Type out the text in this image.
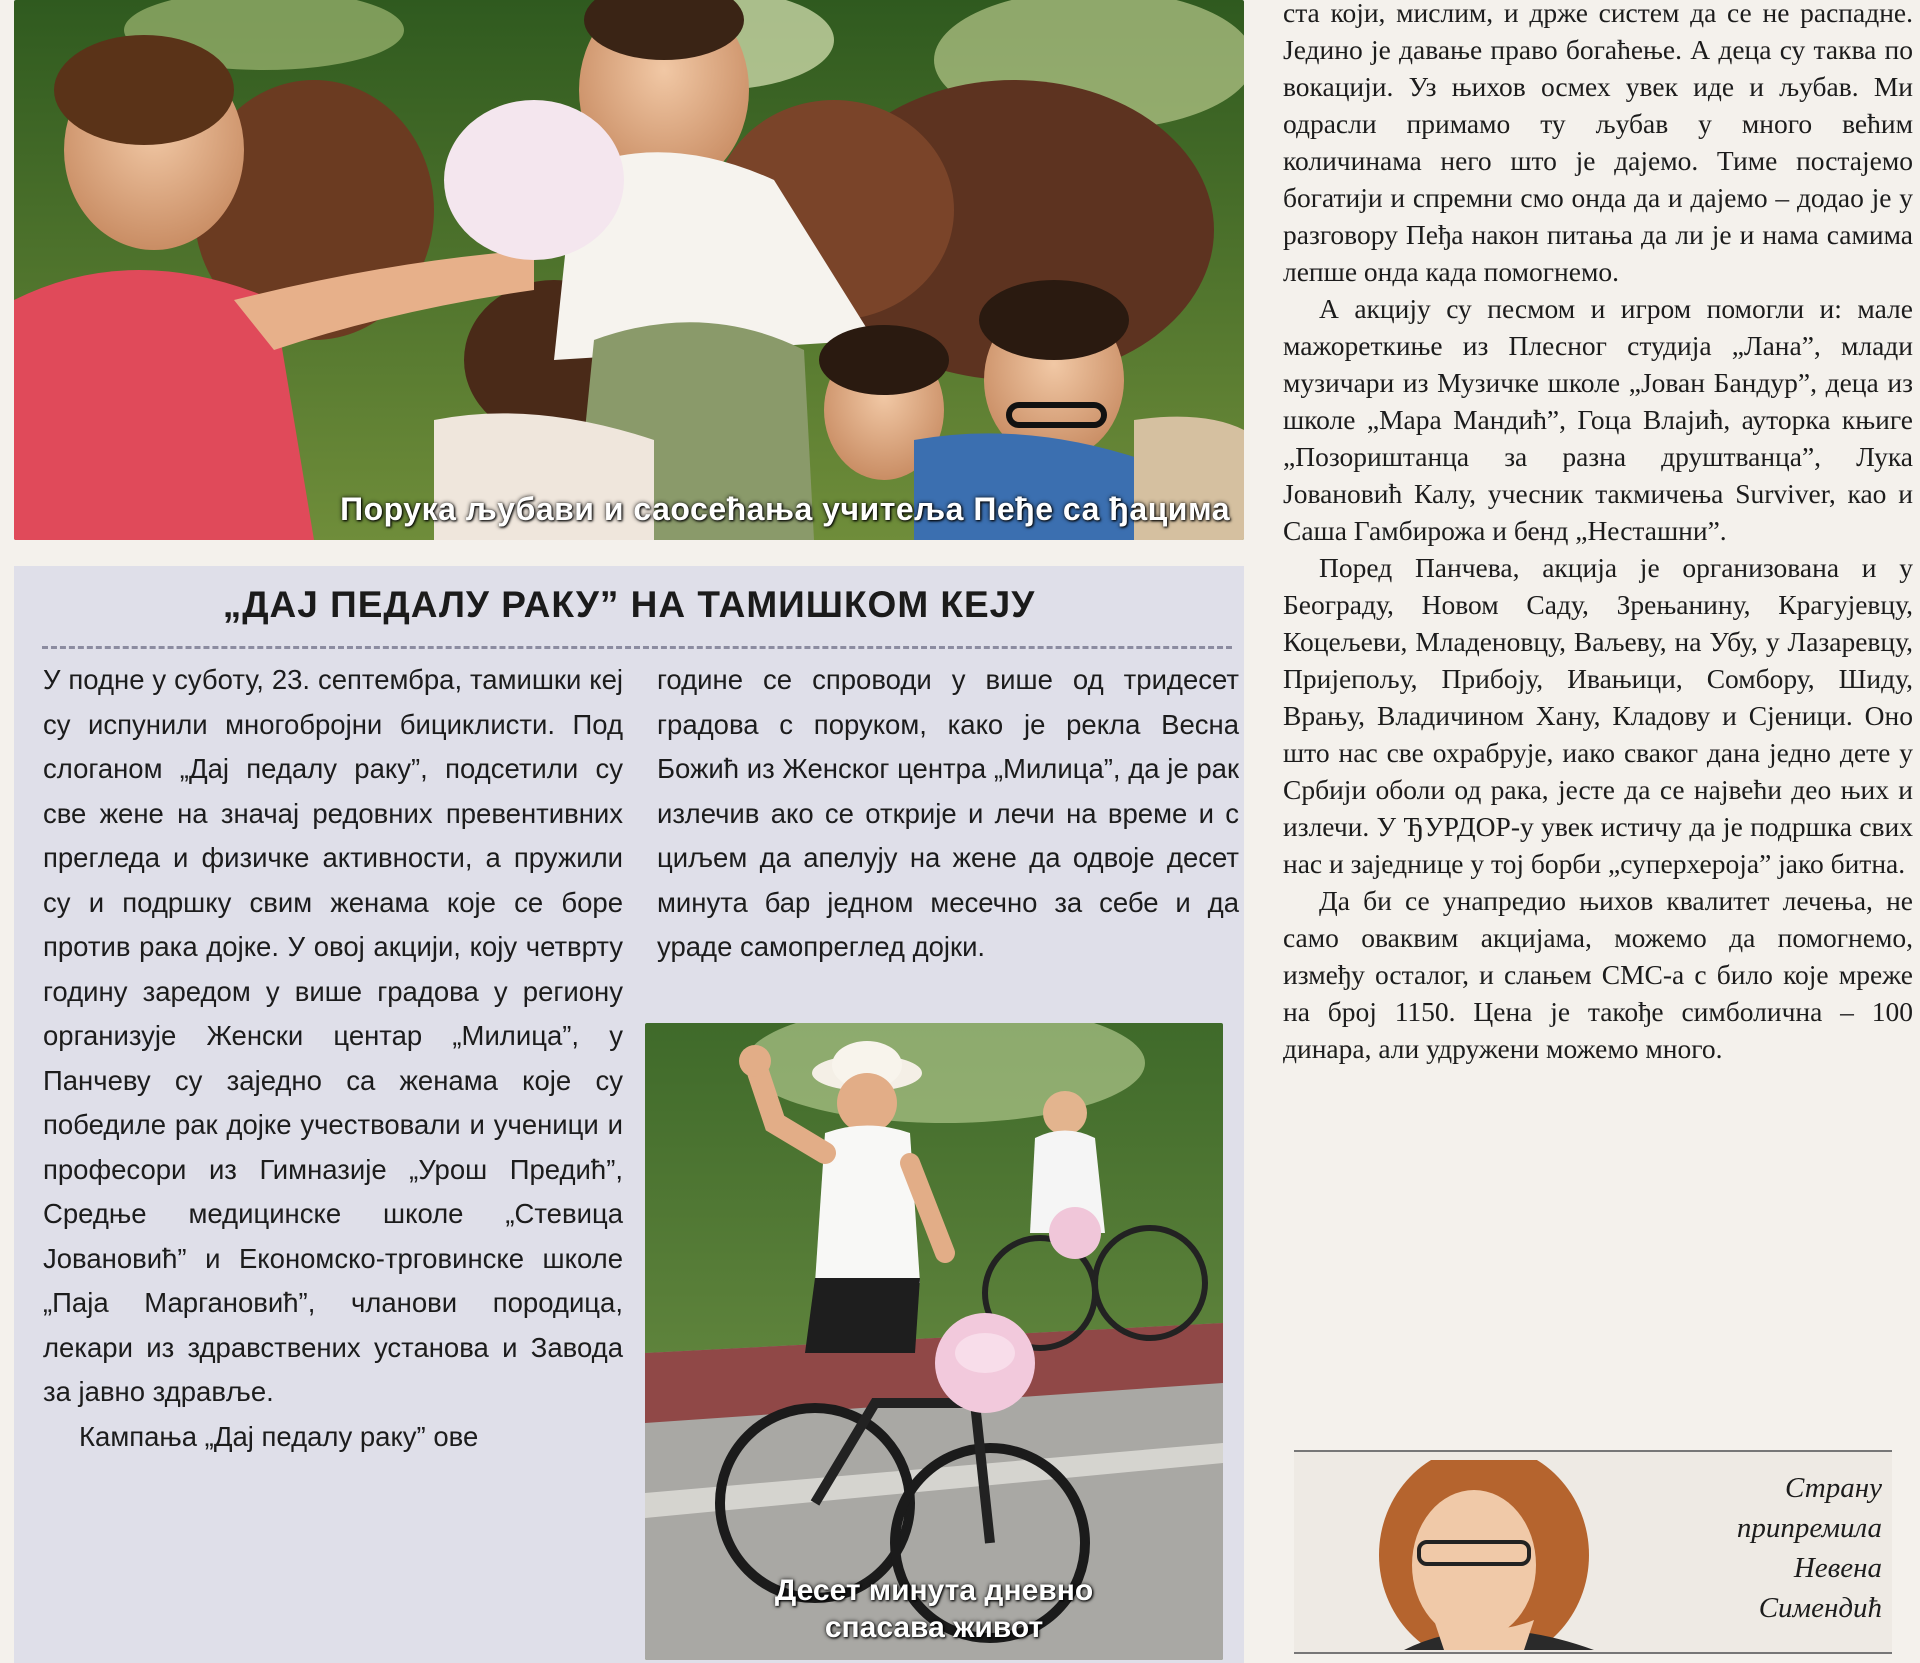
Порука љубави и саосећања учитеља Пеђе са ђацима

ста који, мислим, и држе систем да се не распадне. Једино је давање право богаћење. А деца су таква по вокацији. Уз њихов осмех увек иде и љубав. Ми одрасли примамо ту љубав у много већим количинама него што је дајемо. Тиме постајемо богатији и спремни смо онда да и дајемо – додао је у разговору Пеђа након питања да ли је и нама самима лепше онда када помогнемо.

А акцију су песмом и игром помогли и: мале мажореткиње из Плесног студија „Лана”, млади музичари из Музичке школе „Јован Бандур”, деца из школе „Мара Мандић”, Гоца Влајић, ауторка књиге „Позориштанца за разна друштванца”, Лука Јовановић Калу, учесник такмичења Surviver, као и Саша Гамбирожа и бенд „Несташни”.

Поред Панчева, акција је организована и у Београду, Новом Саду, Зрењанину, Крагујевцу, Коцељеви, Младеновцу, Ваљеву, на Убу, у Лазаревцу, Пријепољу, Прибоју, Ивањици, Сомбору, Шиду, Врању, Владичином Хану, Кладову и Сјеници. Оно што нас све охрабрује, иако сваког дана једно дете у Србији оболи од рака, јесте да се највећи део њих и излечи. У ЂУРДОР-у увек истичу да је подршка свих нас и заједнице у тој борби „суперхероја” јако битна.

Да би се унапредио њихов квалитет лечења, не само оваквим акцијама, можемо да помогнемо, између осталог, и слањем СМС-а с било које мреже на број 1150. Цена је такође симболична – 100 динара, али удружени можемо много.

„ДАЈ ПЕДАЛУ РАКУ” НА ТАМИШКОМ КЕЈУ

У подне у суботу, 23. септембра, тамишки кеј су испунили многобројни бициклисти. Под слоганом „Дај педалу раку”, подсетили су све жене на значај редовних превентивних прегледа и физичке активности, а пружили су и подршку свим женама које се боре против рака дојке. У овој акцији, коју четврту годину заредом у више градова у региону организује Женски центар „Милица”, у Панчеву су заједно са женама које су победиле рак дојке учествовали и ученици и професори из Гимназије „Урош Предић”, Средње медицинске школе „Стевица Јовановић” и Економско-трговинске школе „Паја Маргановић”, чланови породица, лекари из здравствених установа и Завода за јавно здравље.

Кампања „Дај педалу раку” ове

године се спроводи у више од тридесет градова с поруком, како је рекла Весна Божић из Женског центра „Милица”, да је рак излечив ако се открије и лечи на време и с циљем да апелују на жене да одвоје десет минута бар једном месечно за себе и да ураде самопреглед дојки.

Десет минута дневно
спасава живот
Страну
припремила
Невена
Симендић
